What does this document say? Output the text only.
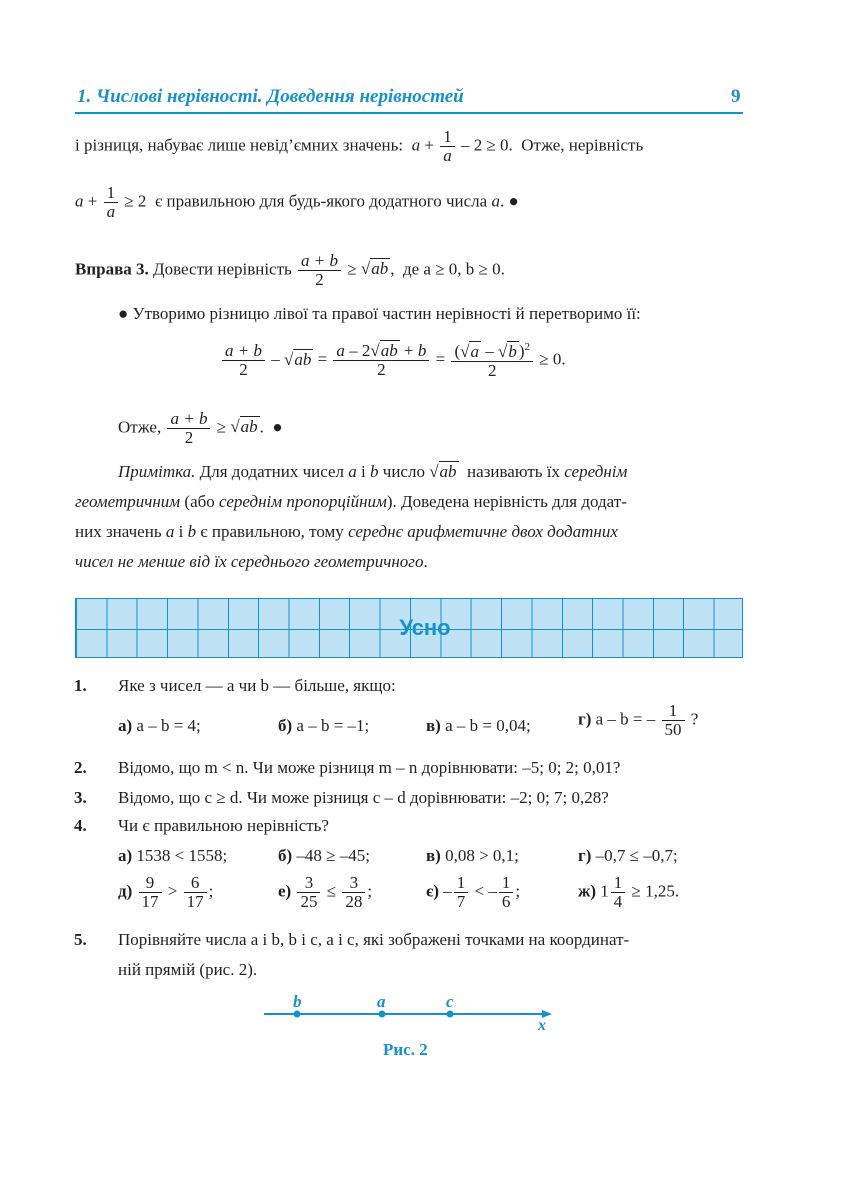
1. Числові нерівності. Доведення нерівностей	9
і різниця, набуває лише невід’ємних значень: $a + \frac{1}{a} - 2 \ge 0$.  Отже, нерівність
$a + \frac{1}{a} \ge 2$  є правильною для будь-якого додатного числа a. ●
Вправа 3. Довести нерівність $\frac{a + b}{2} \ge √ab$ ,  де a ≥ 0, b ≥ 0.
● Утворимо різницю лівої та правої частин нерівності й перетворимо її:
$\frac{a + b}{2} - √ab = \frac{a - 2√ab + b}{2} = \frac{(√a - √b )^2}{2} \ge 0$.
Отже, $\frac{a + b}{2} \ge √ab$ .  ●
Примітка. Для додатних чисел a і b число √ab називають їх середнім
геометричним (або середнім пропорційним). Доведена нерівність для додат-
них значень a і b є правильною, тому середнє арифметичне двох додатних
чисел не менше від їх середнього геометричного.
Усно
1. Яке з чисел — a чи b — більше, якщо:
а) a – b = 4;	б) a – b = –1;	в) a – b = 0,04;	г) a – b = – $\frac{1}{50}$ ?
2. Відомо, що m < n. Чи може різниця m – n дорівнювати: –5; 0; 2; 0,01?
3. Відомо, що c ≥ d. Чи може різниця c – d дорівнювати: –2; 0; 7; 0,28?
4. Чи є правильною нерівність?
а) 1538 < 1558;	б) –48 ≥ –45;	в) 0,08 > 0,1;	г) –0,7 ≤ –0,7;
$д) \frac{9}{17} > \frac{6}{17}$ ;	$е) \frac{3}{25} \le \frac{3}{28}$ ;	$є) - \frac{1}{7}$ < – $\frac{1}{6}$ ;	ж) $1 \frac{1}{4} \ge 1,25$.
5. Порівняйте числа a і b, b і c, a і c, які зображені точками на координат-
ній прямій (рис. 2).
b	a	c
x
Рис. 2
